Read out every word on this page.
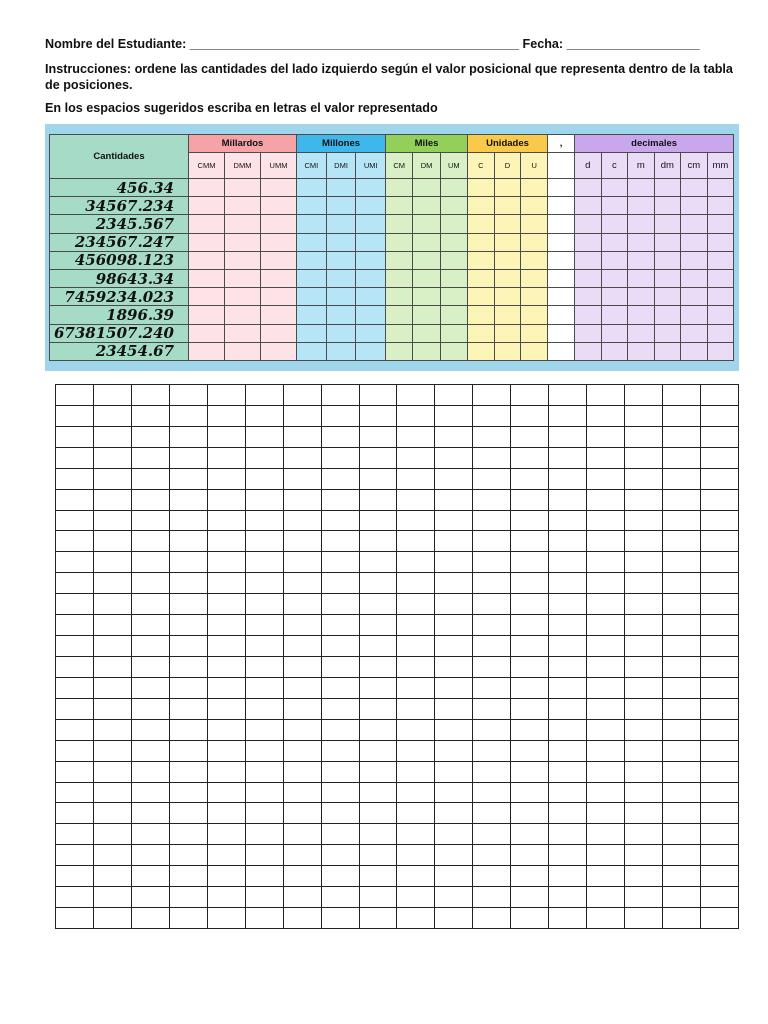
Nombre del Estudiante: _______________________________________________ Fecha: ___________________
Instrucciones: ordene las cantidades del lado izquierdo según el valor posicional que representa dentro de la tabla de posiciones.
En los espacios sugeridos escriba en letras el valor representado
Cantidades	Millardos			Millones			Miles			Unidades			,	decimales					
	CMM	DMM	UMM	CMI	DMI	UMI	CM	DM	UM	C	D	U		d	c	m	dm	cm	mm
456.34																			
34567.234																			
2345.567																			
234567.247																			
456098.123																			
98643.34																			
7459234.023																			
1896.39																			
67381507.240																			
23454.67																			
